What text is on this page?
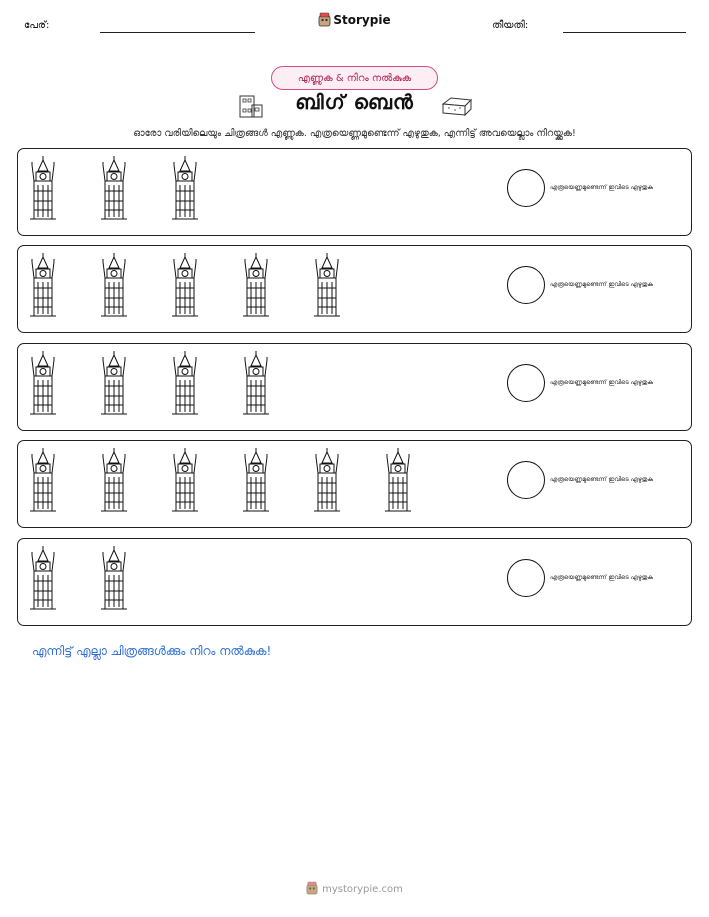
പേര്:	Storypie	തീയതി:
എണ്ണുക & നിറം നൽകുക
ബിഗ് ബെൻ
ഓരോ വരിയിലെയും ചിത്രങ്ങൾ എണ്ണുക. എത്രയെണ്ണമുണ്ടെന്ന് എഴുതുക, എന്നിട്ട് അവയെല്ലാം നിറയ്ക്കുക!
എത്രയെണ്ണമുണ്ടെന്ന് ഇവിടെ എഴുതുക
എത്രയെണ്ണമുണ്ടെന്ന് ഇവിടെ എഴുതുക
എത്രയെണ്ണമുണ്ടെന്ന് ഇവിടെ എഴുതുക
എത്രയെണ്ണമുണ്ടെന്ന് ഇവിടെ എഴുതുക
എത്രയെണ്ണമുണ്ടെന്ന് ഇവിടെ എഴുതുക
എന്നിട്ട് എല്ലാ ചിത്രങ്ങൾക്കും നിറം നൽകുക!
mystorypie.com
